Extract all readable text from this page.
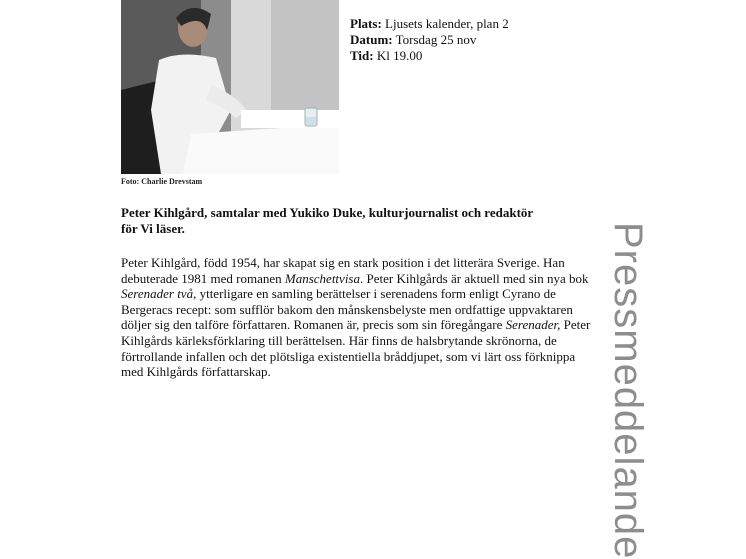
Foto: Charlie Drevstam
Plats: Ljusets kalender, plan 2
Datum: Torsdag 25 nov
Tid: Kl 19.00
Pressmeddelande
Peter Kihlgård, samtalar med Yukiko Duke, kulturjournalist och redaktör för Vi läser.
Peter Kihlgård, född 1954, har skapat sig en stark position i det litterära Sverige. Han debuterade 1981 med romanen Manschettvisa. Peter Kihlgårds är aktuell med sin nya bok Serenader två, ytterligare en samling berättelser i serenadens form enligt Cyrano de Bergeracs recept: som sufflör bakom den månskensbelyste men ordfattige uppvaktaren döljer sig den talföre författaren. Romanen är, precis som sin föregångare Serenader, Peter Kihlgårds kärleksförklaring till berättelsen. Här finns de halsbrytande skrönorna, de förtrollande infallen och det plötsliga existentiella bråddjupet, som vi lärt oss förknippa med Kihlgårds författarskap.
